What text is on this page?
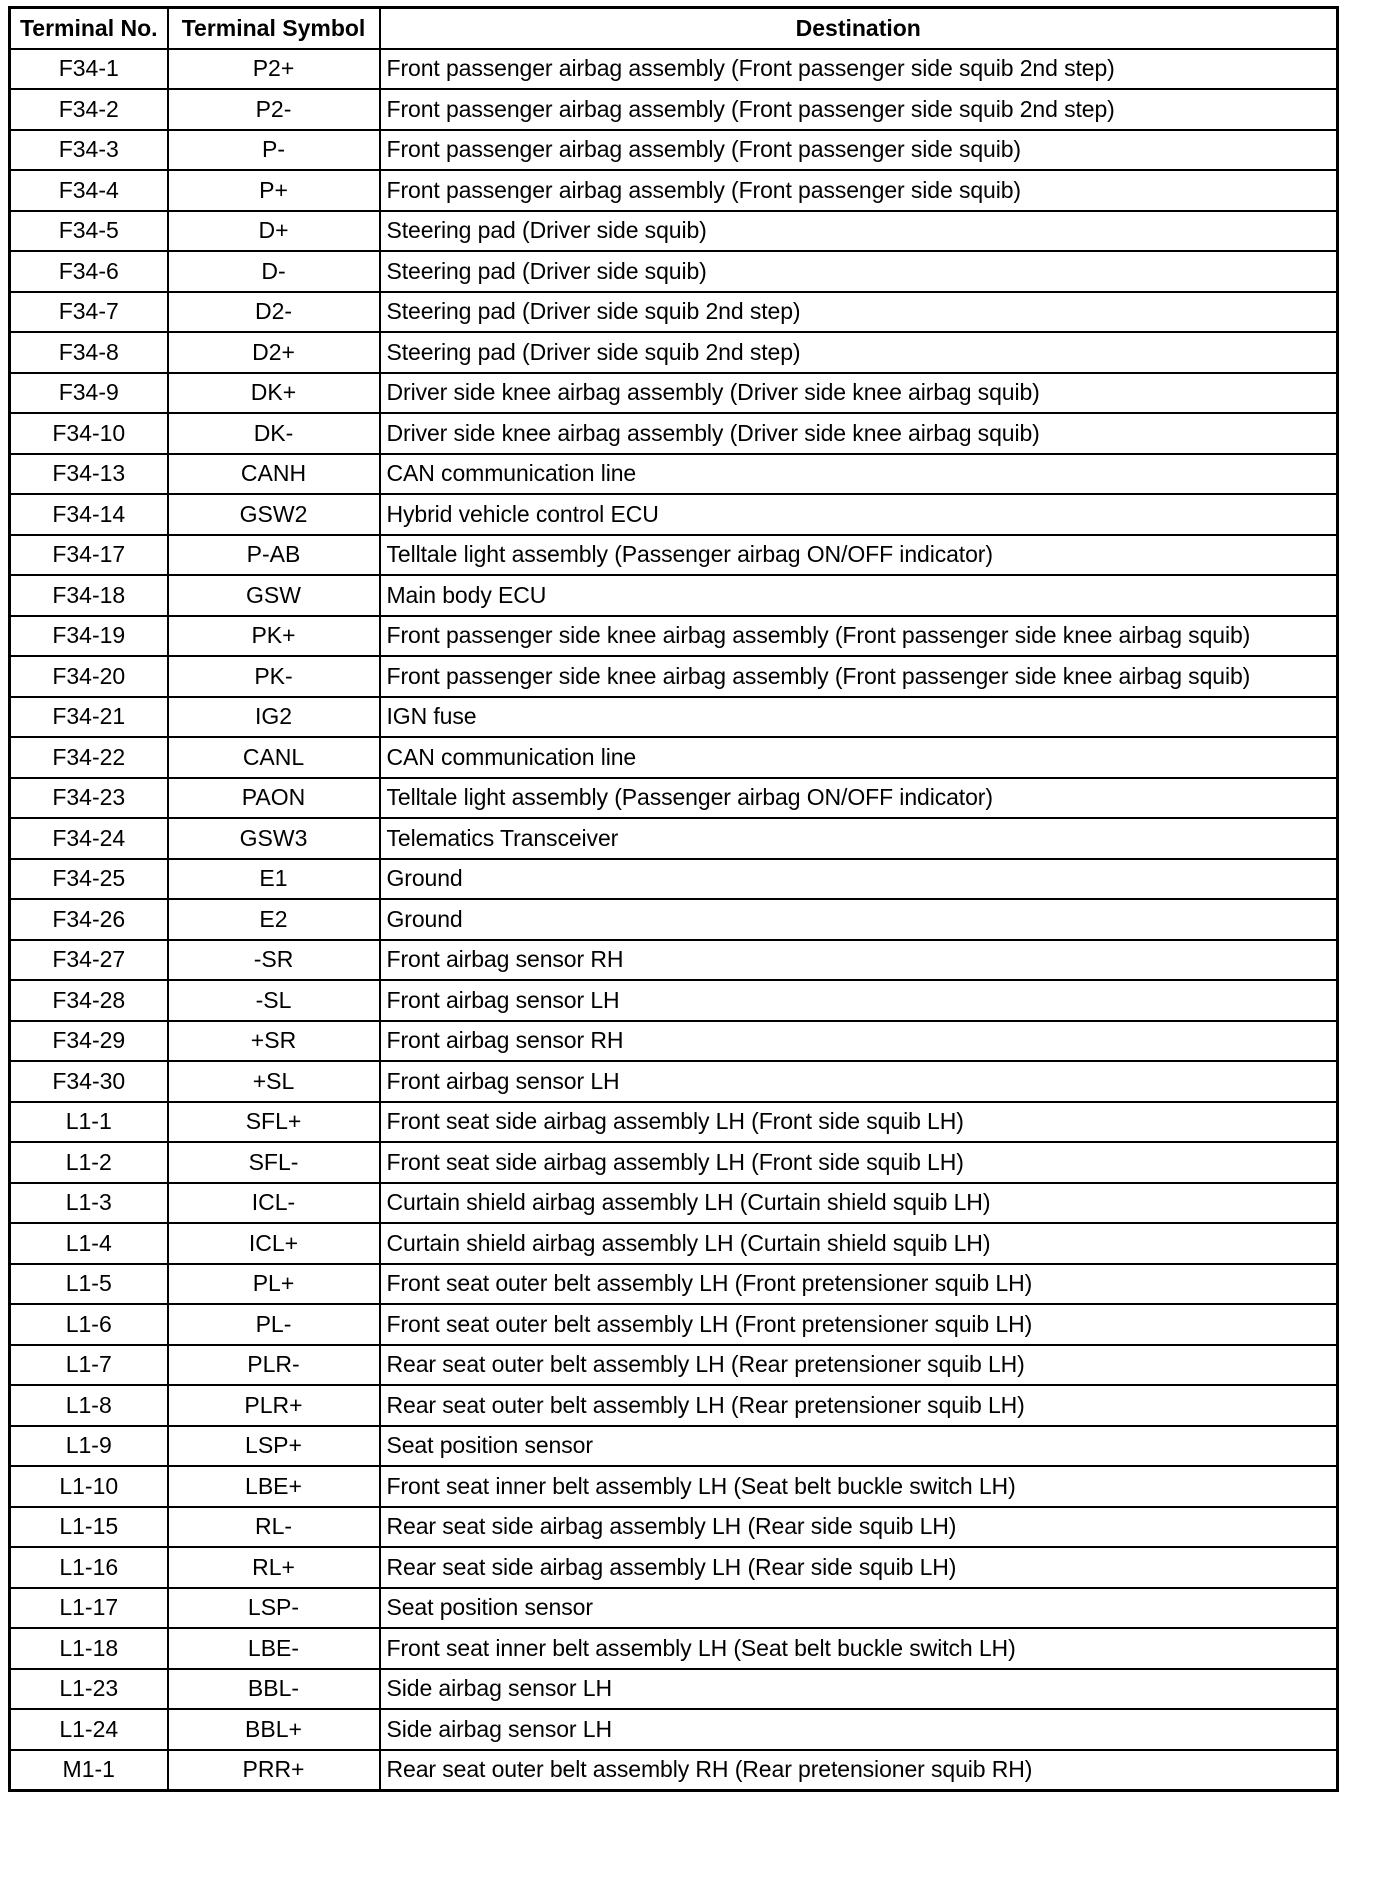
Terminal No.	Terminal Symbol	Destination
F34-1	P2+	Front passenger airbag assembly (Front passenger side squib 2nd step)
F34-2	P2-	Front passenger airbag assembly (Front passenger side squib 2nd step)
F34-3	P-	Front passenger airbag assembly (Front passenger side squib)
F34-4	P+	Front passenger airbag assembly (Front passenger side squib)
F34-5	D+	Steering pad (Driver side squib)
F34-6	D-	Steering pad (Driver side squib)
F34-7	D2-	Steering pad (Driver side squib 2nd step)
F34-8	D2+	Steering pad (Driver side squib 2nd step)
F34-9	DK+	Driver side knee airbag assembly (Driver side knee airbag squib)
F34-10	DK-	Driver side knee airbag assembly (Driver side knee airbag squib)
F34-13	CANH	CAN communication line
F34-14	GSW2	Hybrid vehicle control ECU
F34-17	P-AB	Telltale light assembly (Passenger airbag ON/OFF indicator)
F34-18	GSW	Main body ECU
F34-19	PK+	Front passenger side knee airbag assembly (Front passenger side knee airbag squib)
F34-20	PK-	Front passenger side knee airbag assembly (Front passenger side knee airbag squib)
F34-21	IG2	IGN fuse
F34-22	CANL	CAN communication line
F34-23	PAON	Telltale light assembly (Passenger airbag ON/OFF indicator)
F34-24	GSW3	Telematics Transceiver
F34-25	E1	Ground
F34-26	E2	Ground
F34-27	-SR	Front airbag sensor RH
F34-28	-SL	Front airbag sensor LH
F34-29	+SR	Front airbag sensor RH
F34-30	+SL	Front airbag sensor LH
L1-1	SFL+	Front seat side airbag assembly LH (Front side squib LH)
L1-2	SFL-	Front seat side airbag assembly LH (Front side squib LH)
L1-3	ICL-	Curtain shield airbag assembly LH (Curtain shield squib LH)
L1-4	ICL+	Curtain shield airbag assembly LH (Curtain shield squib LH)
L1-5	PL+	Front seat outer belt assembly LH (Front pretensioner squib LH)
L1-6	PL-	Front seat outer belt assembly LH (Front pretensioner squib LH)
L1-7	PLR-	Rear seat outer belt assembly LH (Rear pretensioner squib LH)
L1-8	PLR+	Rear seat outer belt assembly LH (Rear pretensioner squib LH)
L1-9	LSP+	Seat position sensor
L1-10	LBE+	Front seat inner belt assembly LH (Seat belt buckle switch LH)
L1-15	RL-	Rear seat side airbag assembly LH (Rear side squib LH)
L1-16	RL+	Rear seat side airbag assembly LH (Rear side squib LH)
L1-17	LSP-	Seat position sensor
L1-18	LBE-	Front seat inner belt assembly LH (Seat belt buckle switch LH)
L1-23	BBL-	Side airbag sensor LH
L1-24	BBL+	Side airbag sensor LH
M1-1	PRR+	Rear seat outer belt assembly RH (Rear pretensioner squib RH)
